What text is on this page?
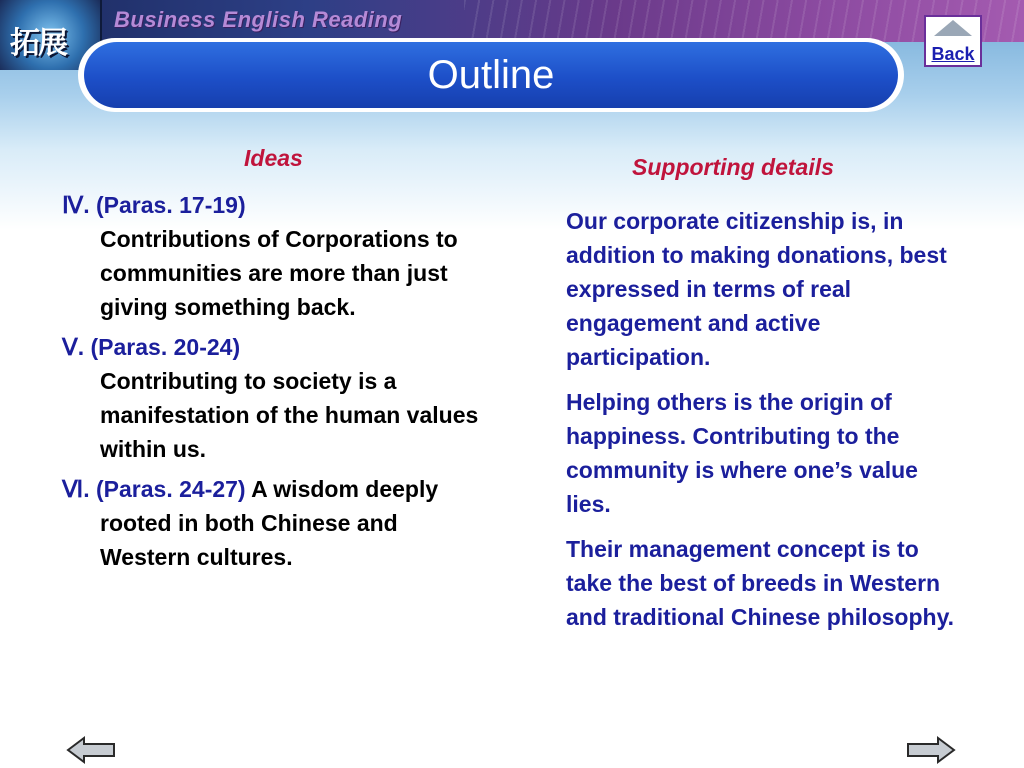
拓展
Business English Reading
Outline	Back
Ideas	Supporting details
Ⅳ. (Paras. 17-19)
Contributions of Corporations to communities are more than just giving something back.
Ⅴ. (Paras. 20-24)
Contributing to society is a manifestation of the human values within us.
Ⅵ. (Paras. 24-27) A wisdom deeply rooted in both Chinese and Western cultures.

Our corporate citizenship is, in addition to making donations, best expressed in terms of real engagement and active participation.

Helping others is the origin of happiness. Contributing to the community is where one’s value lies.

Their management concept is to take the best of breeds in Western and traditional Chinese philosophy.
